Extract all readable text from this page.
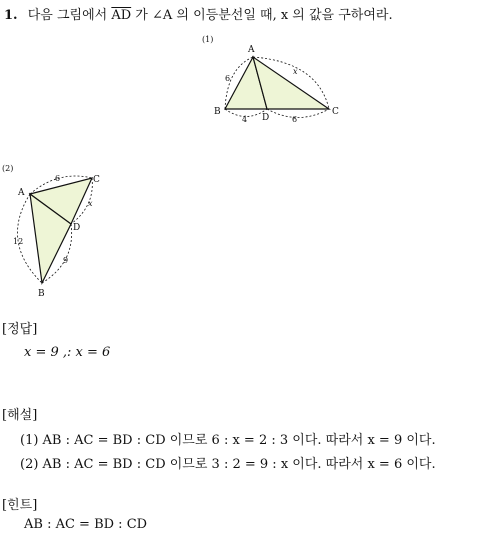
1. 다음 그림에서 $\overline{AD}$ 가 ∠A 의 이등분선일 때, x 의 값을 구하여라.
(1)
A
B	C
D
6
x
4	6
(2)
A
C
D
B
6
x
12
9
[정답]
x = 9 ,: x = 6
[해설]
(1) AB : AC = BD : CD 이므로 6 : x = 2 : 3 이다. 따라서 x = 9 이다.
(2) AB : AC = BD : CD 이므로 3 : 2 = 9 : x 이다. 따라서 x = 6 이다.
[힌트]
AB : AC = BD : CD
